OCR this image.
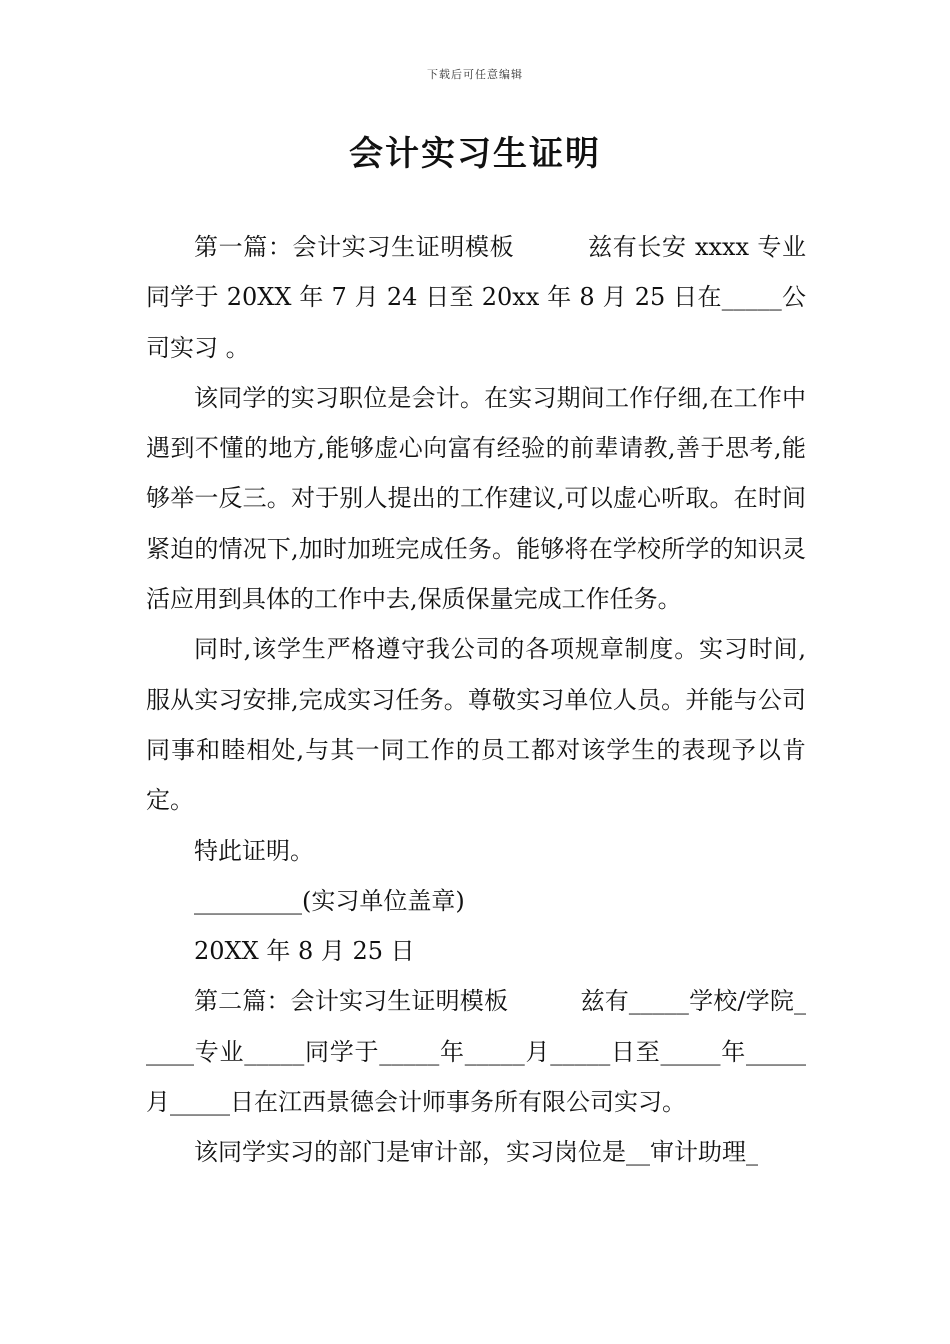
下载后可任意编辑
会计实习生证明

第一篇：会计实习生证明模板　　　兹有长安 xxxx 专业同学于 20XX 年 7 月 24 日至 20xx 年 8 月 25 日在_____公司实习 。

该同学的实习职位是会计。在实习期间工作仔细,在工作中遇到不懂的地方,能够虚心向富有经验的前辈请教,善于思考,能够举一反三。对于别人提出的工作建议,可以虚心听取。在时间紧迫的情况下,加时加班完成任务。能够将在学校所学的知识灵活应用到具体的工作中去,保质保量完成工作任务。

同时,该学生严格遵守我公司的各项规章制度。实习时间,服从实习安排,完成实习任务。尊敬实习单位人员。并能与公司同事和睦相处,与其一同工作的员工都对该学生的表现予以肯定。

特此证明。

_________(实习单位盖章)

20XX 年 8 月 25 日

第二篇：会计实习生证明模板　　　兹有_____学校/学院_____专业_____同学于_____年_____月_____日至_____年_____月_____日在江西景德会计师事务所有限公司实习。

该同学实习的部门是审计部，实习岗位是__审计助理_
